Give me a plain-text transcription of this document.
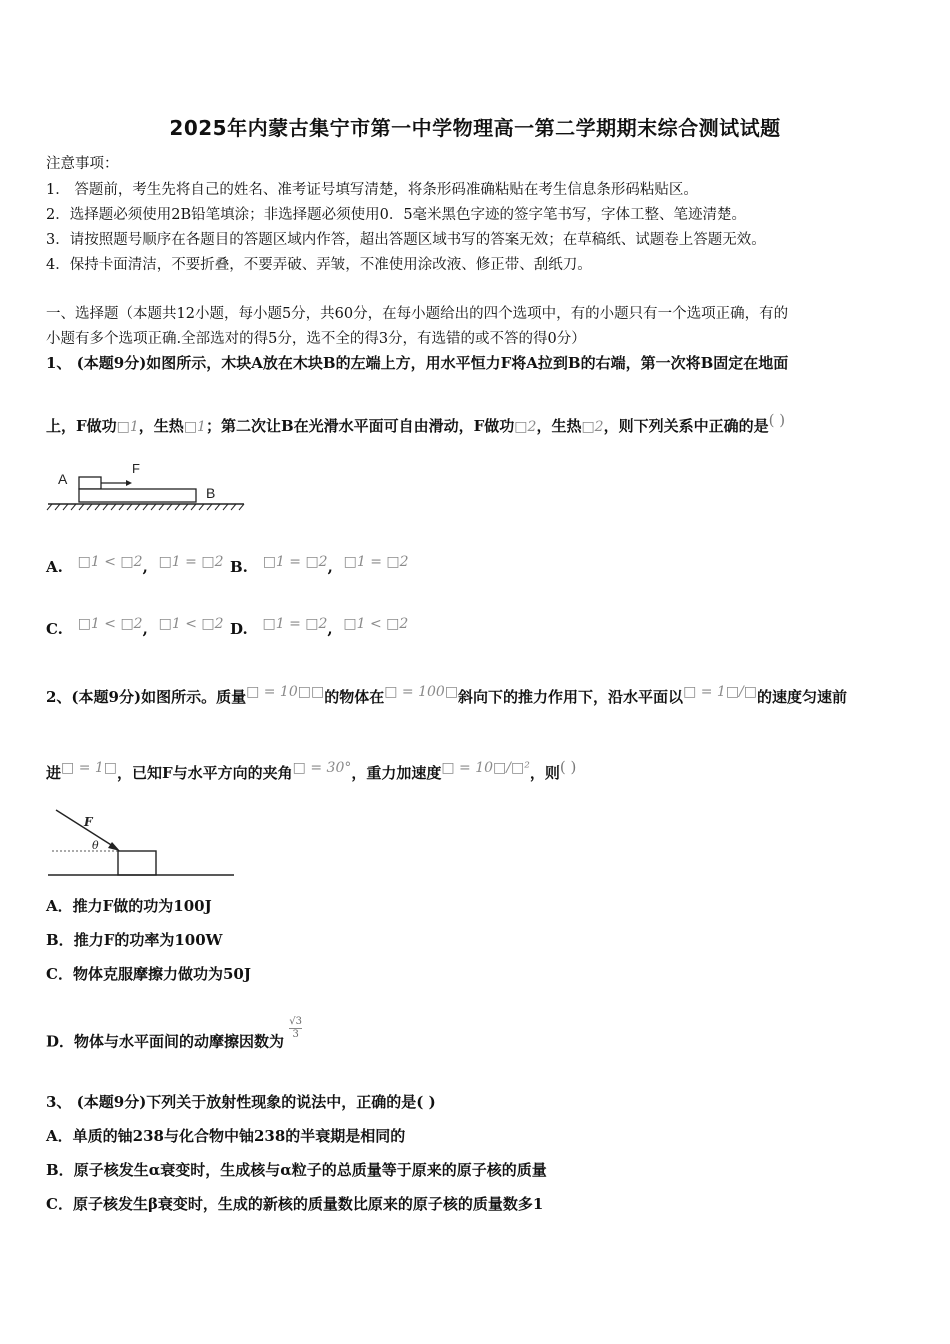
2025年内蒙古集宁市第一中学物理高一第二学期期末综合测试试题
注意事项：
1． 答题前，考生先将自己的姓名、准考证号填写清楚，将条形码准确粘贴在考生信息条形码粘贴区。
2．选择题必须使用2B铅笔填涂；非选择题必须使用0．5毫米黑色字迹的签字笔书写，字体工整、笔迹清楚。
3．请按照题号顺序在各题目的答题区域内作答，超出答题区域书写的答案无效；在草稿纸、试题卷上答题无效。
4．保持卡面清洁，不要折叠，不要弄破、弄皱，不准使用涂改液、修正带、刮纸刀。
一、选择题（本题共12小题，每小题5分，共60分，在每小题给出的四个选项中，有的小题只有一个选项正确，有的
小题有多个选项正确.全部选对的得5分，选不全的得3分，有选错的或不答的得0分）
1、 (本题9分)如图所示，木块A放在木块B的左端上方，用水平恒力F将A拉到B的右端，第一次将B固定在地面
上，F做功□1，生热□1；第二次让B在光滑水平面可自由滑动，F做功□2，生热□2，则下列关系中正确的是( )
A
F
B
A. □1 < □2, □1 = □2 B. □1 = □2, □1 = □2
C. □1 < □2, □1 < □2 D. □1 = □2, □1 < □2
2、(本题9分)如图所示。质量□ = 10□□的物体在□ = 100□斜向下的推力作用下，沿水平面以□ = 1□/□的速度匀速前
进□ = 1□，已知F与水平方向的夹角□ = 30°，重力加速度□ = 10□/□²，则( )
F
θ
A．推力F做的功为100J
B．推力F的功率为100W
C．物体克服摩擦力做功为50J
D．物体与水平面间的动摩擦因数为
$\frac{√3}{3}$
3、 (本题9分)下列关于放射性现象的说法中，正确的是( )
A．单质的铀238与化合物中铀238的半衰期是相同的
B．原子核发生α衰变时，生成核与α粒子的总质量等于原来的原子核的质量
C．原子核发生β衰变时，生成的新核的质量数比原来的原子核的质量数多1
